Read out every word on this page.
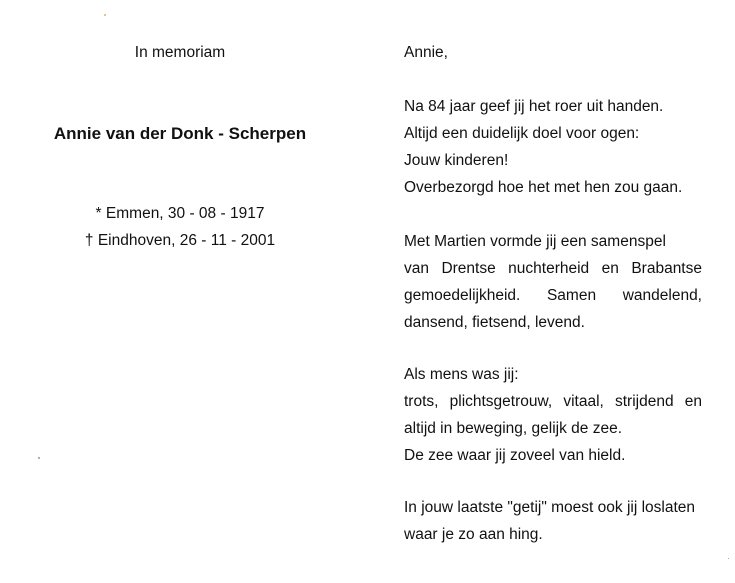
In memoriam
Annie van der Donk - Scherpen
* Emmen, 30 - 08 - 1917
† Eindhoven, 26 - 11 - 2001
Annie,
Na 84 jaar geef jij het roer uit handen.
Altijd een duidelijk doel voor ogen:
Jouw kinderen!
Overbezorgd hoe het met hen zou gaan.
Met Martien vormde jij een samenspel
van Drentse nuchterheid en Brabantse
gemoedelijkheid. Samen wandelend,
dansend, fietsend, levend.
Als mens was jij:
trots, plichtsgetrouw, vitaal, strijdend en
altijd in beweging, gelijk de zee.
De zee waar jij zoveel van hield.
In jouw laatste "getij" moest ook jij loslaten
waar je zo aan hing.
